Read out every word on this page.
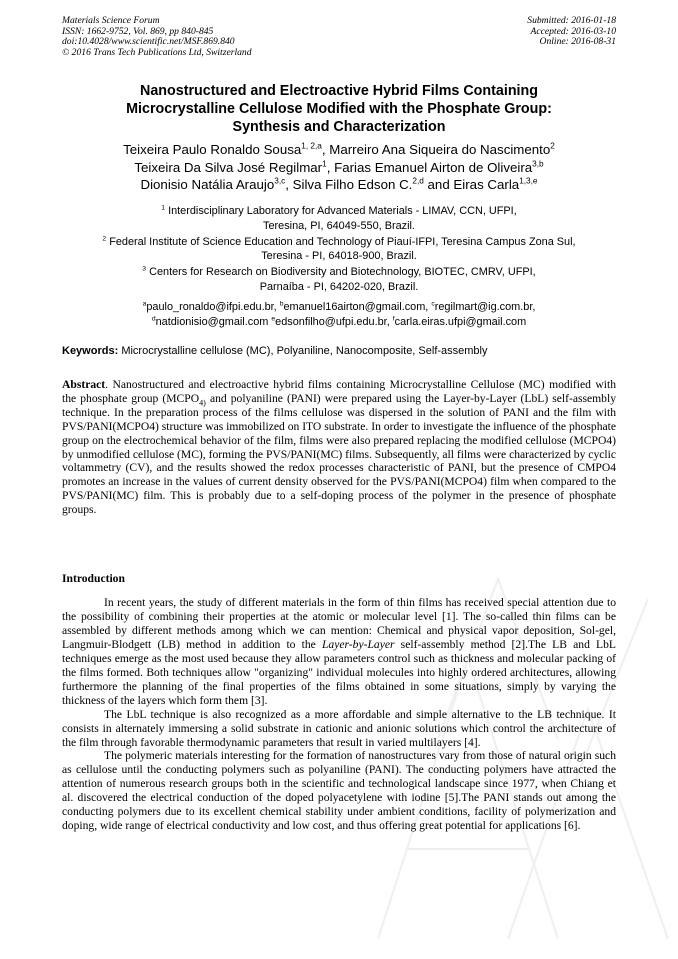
Materials Science Forum
ISSN: 1662-9752, Vol. 869, pp 840-845
doi:10.4028/www.scientific.net/MSF.869.840
© 2016 Trans Tech Publications Ltd, Switzerland
Submitted: 2016-01-18
Accepted: 2016-03-10
Online: 2016-08-31
Nanostructured and Electroactive Hybrid Films Containing
Microcrystalline Cellulose Modified with the Phosphate Group:
Synthesis and Characterization
Teixeira Paulo Ronaldo Sousa$^{1, 2,a}$, Marreiro Ana Siqueira do Nascimento$^2$
Teixeira Da Silva José Regilmar$^1$, Farias Emanuel Airton de Oliveira$^{3,b}$
Dionisio Natália Araujo$^{3,c}$, Silva Filho Edson C.$^{2,d}$ and Eiras Carla$^{1,3,e}$
$^1$ Interdisciplinary Laboratory for Advanced Materials - LIMAV, CCN, UFPI,
Teresina, PI, 64049-550, Brazil.
$^2$ Federal Institute of Science Education and Technology of Piauí-IFPI, Teresina Campus Zona Sul,
Teresina - PI, 64018-900, Brazil.
$^3$ Centers for Research on Biodiversity and Biotechnology, BIOTEC, CMRV, UFPI,
Parnaíba - PI, 64202-020, Brazil.
$^a$paulo_ronaldo@ifpi.edu.br, $^b$emanuel16airton@gmail.com, $^c$regilmart@ig.com.br,
$^d$natdionisio@gmail.com $^e$edsonfilho@ufpi.edu.br, $^f$carla.eiras.ufpi@gmail.com
Keywords: Microcrystalline cellulose (MC), Polyaniline, Nanocomposite, Self-assembly
Abstract. Nanostructured and electroactive hybrid films containing Microcrystalline Cellulose (MC) modified with the phosphate group ($MCPO_{4)}$ and polyaniline (PANI) were prepared using the Layer-by-Layer (LbL) self-assembly technique. In the preparation process of the films cellulose was dispersed in the solution of PANI and the film with PVS/PANI(MCPO4) structure was immobilized on ITO substrate. In order to investigate the influence of the phosphate group on the electrochemical behavior of the film, films were also prepared replacing the modified cellulose (MCPO4) by unmodified cellulose (MC), forming the PVS/PANI(MC) films. Subsequently, all films were characterized by cyclic voltammetry (CV), and the results showed the redox processes characteristic of PANI, but the presence of CMPO4 promotes an increase in the values of current density observed for the PVS/PANI(MCPO4) film when compared to the PVS/PANI(MC) film. This is probably due to a self-doping process of the polymer in the presence of phosphate groups.
Introduction

In recent years, the study of different materials in the form of thin films has received special attention due to the possibility of combining their properties at the atomic or molecular level [1]. The so-called thin films can be assembled by different methods among which we can mention: Chemical and physical vapor deposition, Sol-gel, Langmuir-Blodgett (LB) method in addition to the Layer-by-Layer self-assembly method [2].The LB and LbL techniques emerge as the most used because they allow parameters control such as thickness and molecular packing of the films formed. Both techniques allow "organizing" individual molecules into highly ordered architectures, allowing furthermore the planning of the final properties of the films obtained in some situations, simply by varying the thickness of the layers which form them [3].

The LbL technique is also recognized as a more affordable and simple alternative to the LB technique. It consists in alternately immersing a solid substrate in cationic and anionic solutions which control the architecture of the film through favorable thermodynamic parameters that result in varied multilayers [4].

The polymeric materials interesting for the formation of nanostructures vary from those of natural origin such as cellulose until the conducting polymers such as polyaniline (PANI). The conducting polymers have attracted the attention of numerous research groups both in the scientific and technological landscape since 1977, when Chiang et al. discovered the electrical conduction of the doped polyacetylene with iodine [5].The PANI stands out among the conducting polymers due to its excellent chemical stability under ambient conditions, facility of polymerization and doping, wide range of electrical conductivity and low cost, and thus offering great potential for applications [6].
